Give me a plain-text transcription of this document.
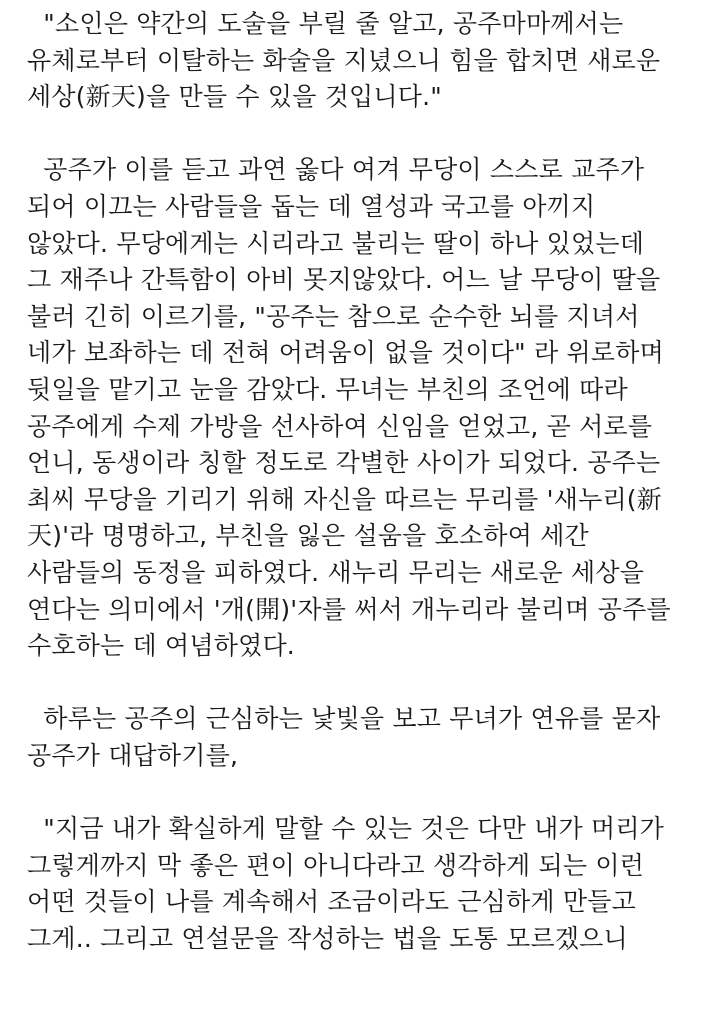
"소인은 약간의 도술을 부릴 줄 알고, 공주마마께서는
유체로부터 이탈하는 화술을 지녔으니 힘을 합치면 새로운
세상(新天)을 만들 수 있을 것입니다."
공주가 이를 듣고 과연 옳다 여겨 무당이 스스로 교주가
되어 이끄는 사람들을 돕는 데 열성과 국고를 아끼지
않았다. 무당에게는 시리라고 불리는 딸이 하나 있었는데
그 재주나 간특함이 아비 못지않았다. 어느 날 무당이 딸을
불러 긴히 이르기를, "공주는 참으로 순수한 뇌를 지녀서
네가 보좌하는 데 전혀 어려움이 없을 것이다" 라 위로하며
뒷일을 맡기고 눈을 감았다. 무녀는 부친의 조언에 따라
공주에게 수제 가방을 선사하여 신임을 얻었고, 곧 서로를
언니, 동생이라 칭할 정도로 각별한 사이가 되었다. 공주는
최씨 무당을 기리기 위해 자신을 따르는 무리를 '새누리(新
天)'라 명명하고, 부친을 잃은 설움을 호소하여 세간
사람들의 동정을 피하였다. 새누리 무리는 새로운 세상을
연다는 의미에서 '개(開)'자를 써서 개누리라 불리며 공주를
수호하는 데 여념하였다.
하루는 공주의 근심하는 낯빛을 보고 무녀가 연유를 묻자
공주가 대답하기를,
"지금 내가 확실하게 말할 수 있는 것은 다만 내가 머리가
그렇게까지 막 좋은 편이 아니다라고 생각하게 되는 이런
어떤 것들이 나를 계속해서 조금이라도 근심하게 만들고
그게.. 그리고 연설문을 작성하는 법을 도통 모르겠으니
